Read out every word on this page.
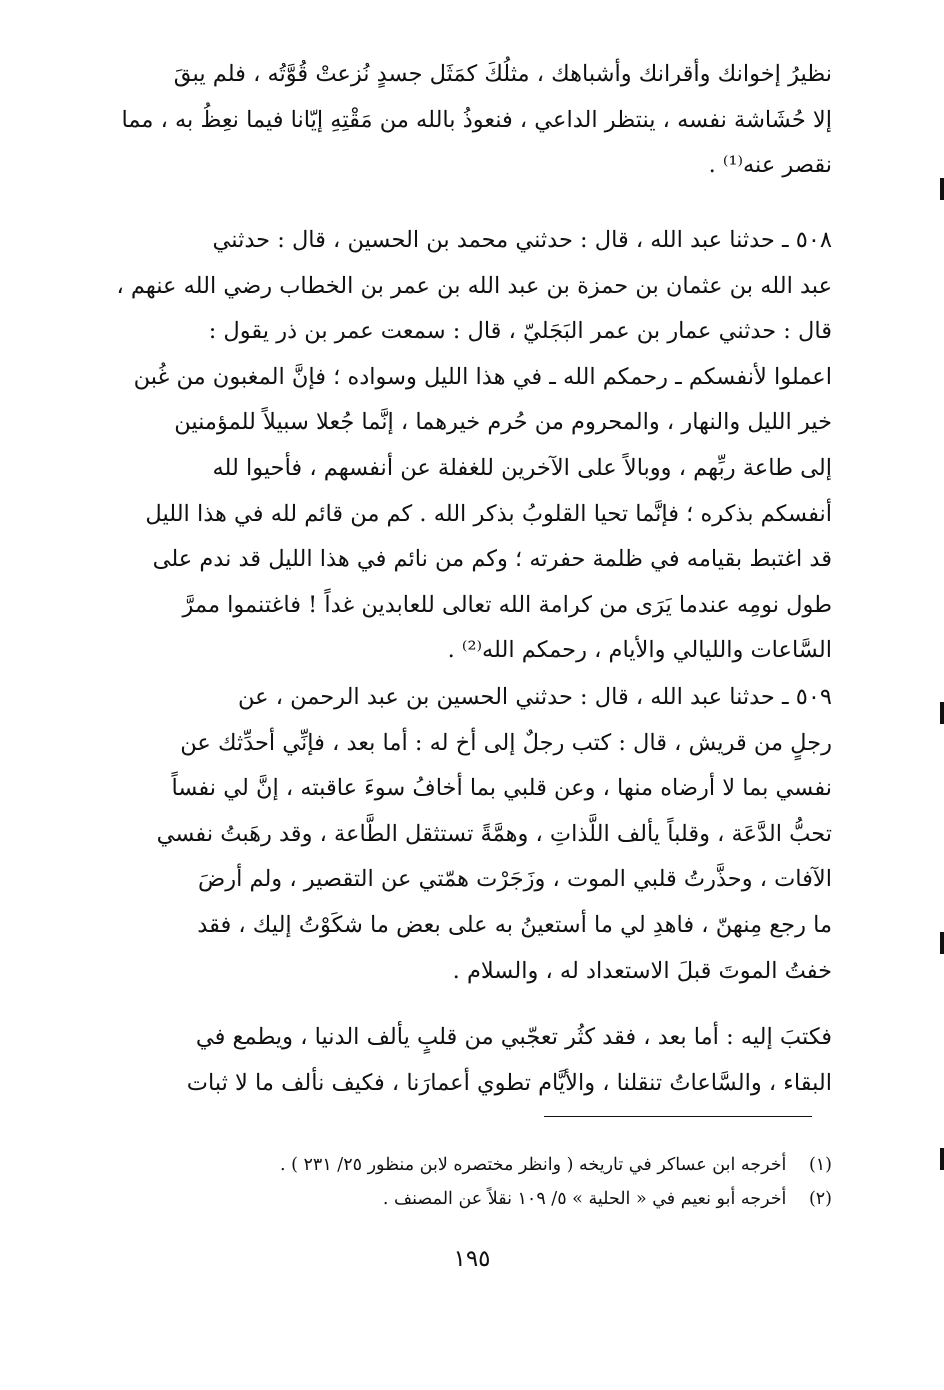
نظيرُ إخوانك وأقرانك وأشباهك ، مثلُكَ كمَثَل جسدٍ نُزعتْ قُوَّتُه ، فلم يبقَ
إلا حُشَاشة نفسه ، ينتظر الداعي ، فنعوذُ بالله من مَقْتِهِ إيّانا فيما نعِظُ به ، مما
نقصر عنه⁽¹⁾ .
٥٠٨ ـ حدثنا عبد الله ، قال : حدثني محمد بن الحسين ، قال : حدثني
عبد الله بن عثمان بن حمزة بن عبد الله بن عمر بن الخطاب رضي الله عنهم ،
قال : حدثني عمار بن عمر البَجَليّ ، قال : سمعت عمر بن ذر يقول :
اعملوا لأنفسكم ـ رحمكم الله ـ في هذا الليل وسواده ؛ فإنَّ المغبون من غُبن
خير الليل والنهار ، والمحروم من حُرم خيرهما ، إنَّما جُعلا سبيلاً للمؤمنين
إلى طاعة ربِّهم ، ووبالاً على الآخرين للغفلة عن أنفسهم ، فأحيوا لله
أنفسكم بذكره ؛ فإنَّما تحيا القلوبُ بذكر الله . كم من قائم لله في هذا الليل
قد اغتبط بقيامه في ظلمة حفرته ؛ وكم من نائم في هذا الليل قد ندم على
طول نومِه عندما يَرَى من كرامة الله تعالى للعابدين غداً ! فاغتنموا ممرَّ
السَّاعات والليالي والأيام ، رحمكم الله⁽²⁾ .
٥٠٩ ـ حدثنا عبد الله ، قال : حدثني الحسين بن عبد الرحمن ، عن
رجلٍ من قريش ، قال : كتب رجلٌ إلى أخ له : أما بعد ، فإنِّي أحدِّثك عن
نفسي بما لا أرضاه منها ، وعن قلبي بما أخافُ سوءَ عاقبته ، إنَّ لي نفساً
تحبُّ الدَّعَة ، وقلباً يألف اللَّذاتِ ، وهمَّةً تستثقل الطَّاعة ، وقد رهَبتُ نفسي
الآفات ، وحذَّرتُ قلبي الموت ، وزَجَرْت همّتي عن التقصير ، ولم أرضَ
ما رجع مِنهنّ ، فاهدِ لي ما أستعينُ به على بعض ما شكَوْتُ إليك ، فقد
خفتُ الموتَ قبلَ الاستعداد له ، والسلام .
فكتبَ إليه : أما بعد ، فقد كثُر تعجّبي من قلبٍ يألف الدنيا ، ويطمع في
البقاء ، والسَّاعاتُ تنقلنا ، والأيَّام تطوي أعمارَنا ، فكيف نألف ما لا ثبات
(١) أخرجه ابن عساكر في تاريخه ( وانظر مختصره لابن منظور ٢٥/ ٢٣١ ) .
(٢) أخرجه أبو نعيم في « الحلية » ٥/ ١٠٩ نقلاً عن المصنف .
١٩٥
